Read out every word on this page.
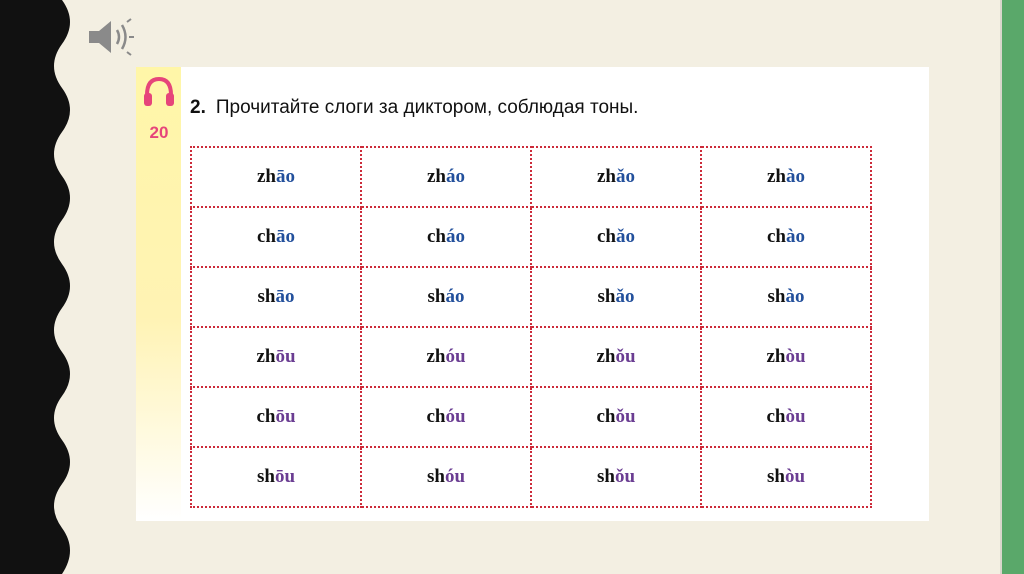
20
2. Прочитайте слоги за диктором, соблюдая тоны.
zhāo	zháo	zhǎo	zhào
chāo	cháo	chǎo	chào
shāo	sháo	shǎo	shào
zhōu	zhóu	zhǒu	zhòu
chōu	chóu	chǒu	chòu
shōu	shóu	shǒu	shòu
